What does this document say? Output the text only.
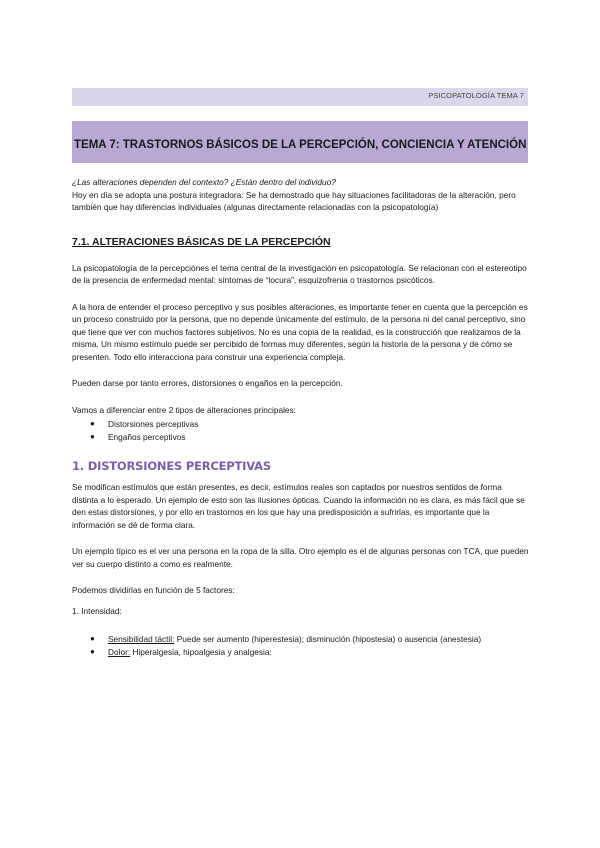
PSICOPATOLOGÍA TEMA 7
TEMA 7: TRASTORNOS BÁSICOS DE LA PERCEPCIÓN, CONCIENCIA Y ATENCIÓN

¿Las alteraciones dependen del contexto? ¿Están dentro del individuo?

Hoy en día se adopta una postura integradora: Se ha demostrado que hay situaciones facilitadoras de la alteración, pero también que hay diferencias individuales (algunas directamente relacionadas con la psicopatología)

7.1. ALTERACIONES BÁSICAS DE LA PERCEPCIÓN

La psicopatología de la percepciónes el tema central de la investigación en psicopatología. Se relacionan con el estereotipo de la presencia de enfermedad mental: síntomas de “locura”, esquizofrenia o trastornos psicóticos.

A la hora de entender el proceso perceptivo y sus posibles alteraciones, es importante tener en cuenta que la percepción es un proceso construido por la persona, que no depende únicamente del estímulo, de la persona ni del canal perceptivo, sino que tiene que ver con muchos factores subjetivos. No es una copia de la realidad, es la construcción que realizamos de la misma. Un mismo estímulo puede ser percibido de formas muy diferentes, según la historia de la persona y de cómo se presenten. Todo ello interacciona para construir una experiencia compleja.

Pueden darse por tanto errores, distorsiones o engaños en la percepción.

Vamos a diferenciar entre 2 tipos de alteraciones principales:

● Distorsiones perceptivas
● Engaños perceptivos
1. DISTORSIONES PERCEPTIVAS

Se modifican estímulos que están presentes, es decir, estímulos reales son captados por nuestros sentidos de forma distinta a lo esperado. Un ejemplo de esto son las ilusiones ópticas. Cuando la información no es clara, es más fácil que se den estas distorsiones, y por ello en trastornos en los que hay una predisposición a sufrirlas, es importante que la información se dé de forma clara.

Un ejemplo típico es el ver una persona en la ropa de la silla. Otro ejemplo es el de algunas personas con TCA, que pueden ver su cuerpo distinto a como es realmente.

Podemos dividirlas en función de 5 factores:

1. Intensidad:

● Sensibilidad táctil: Puede ser aumento (hiperestesia); disminución (hipostesia) o ausencia (anestesia)
● Dolor: Hiperalgesia, hipoalgesia y analgesia:
